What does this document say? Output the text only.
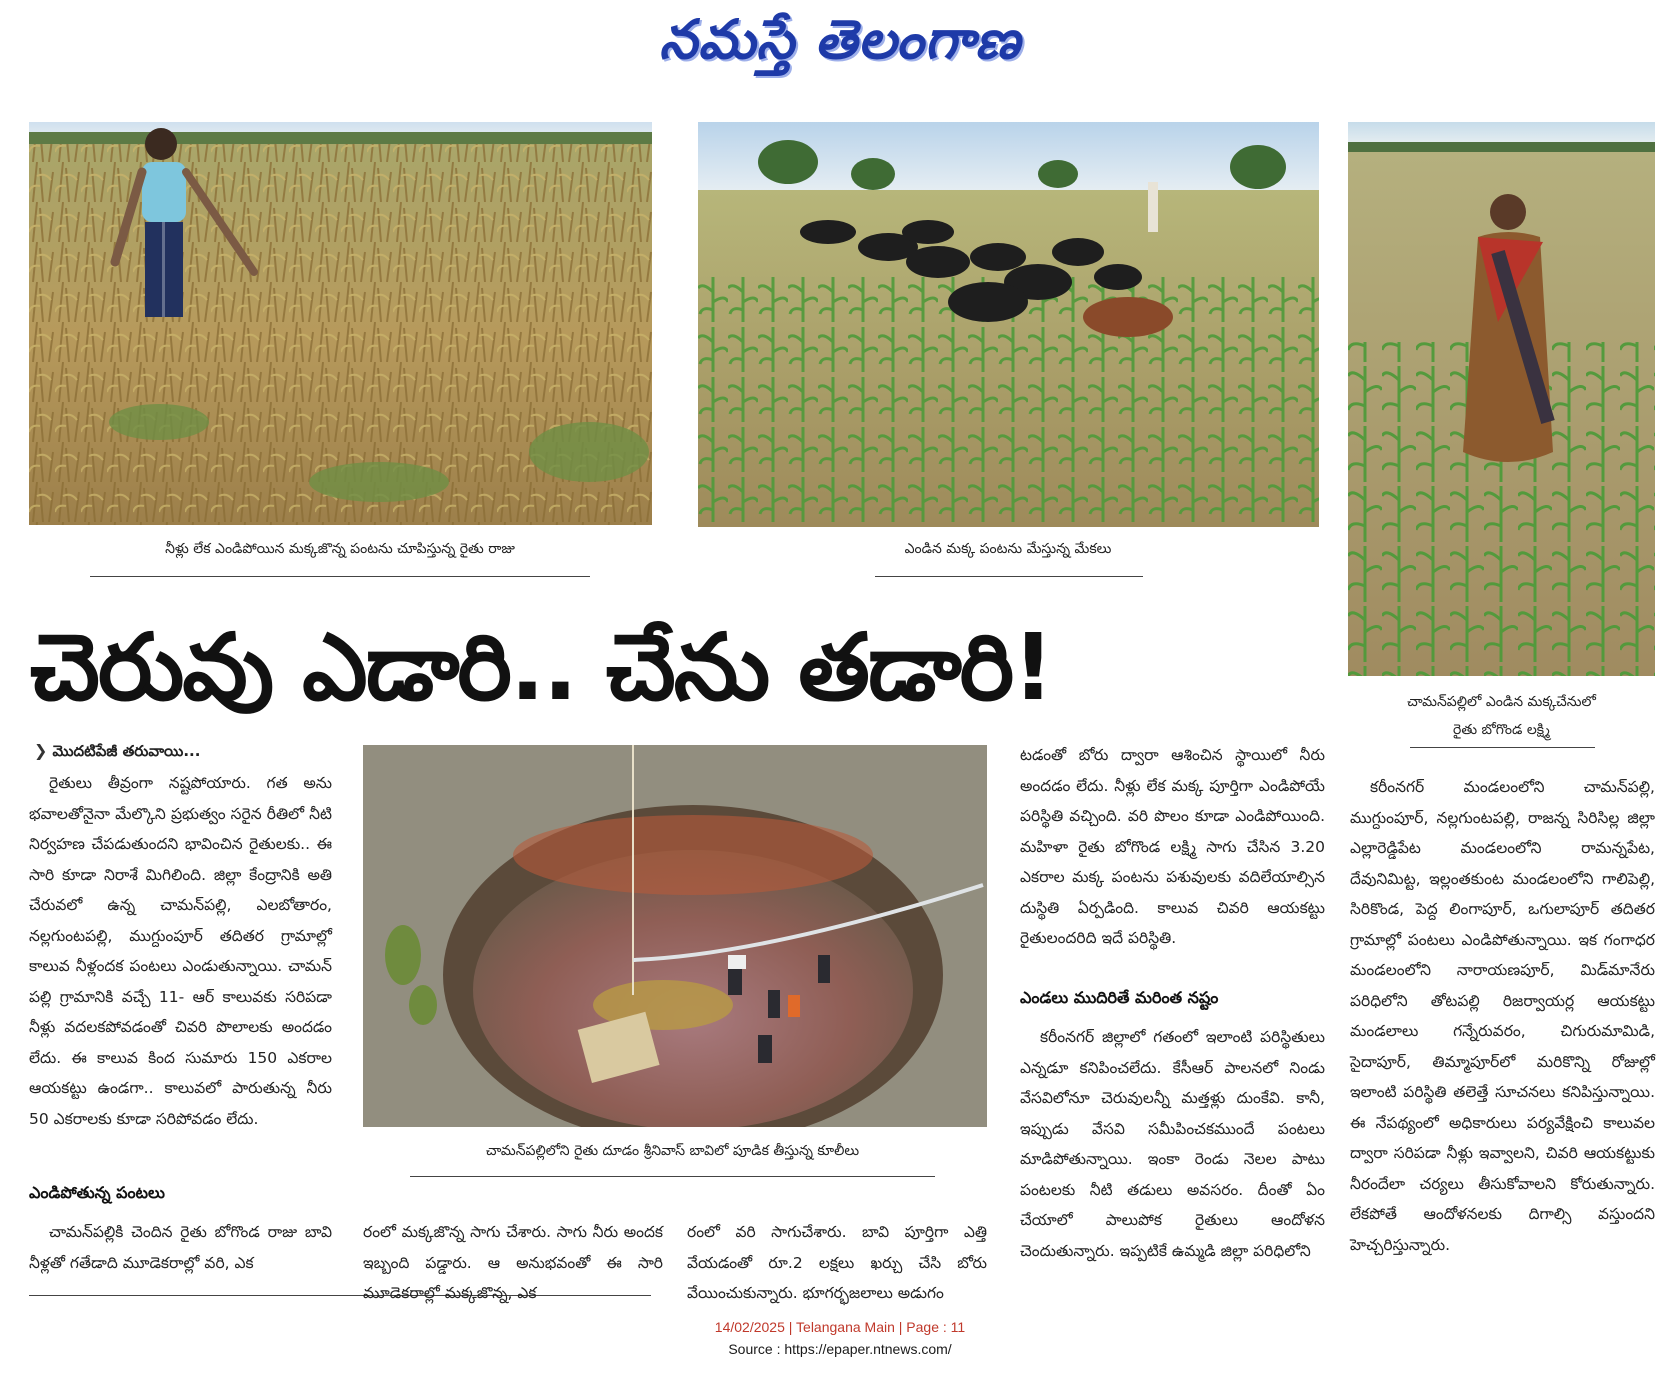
నమస్తే తెలంగాణ
నీళ్లు లేక ఎండిపోయిన మక్కజొన్న పంటను చూపిస్తున్న రైతు రాజు	ఎండిన మక్క పంటను మేస్తున్న మేకలు
చామన్‌పల్లిలో ఎండిన మక్కచేనులో
రైతు బోగొండ లక్ష్మి
చెరువు ఎడారి.. చేను తడారి!
చామన్‌పల్లిలోని రైతు దూడం శ్రీనివాస్ బావిలో పూడిక తీస్తున్న కూలీలు
❯ మొదటిపేజీ తరువాయి...

రైతులు తీవ్రంగా నష్టపోయారు. గత అను భవాలతోనైనా మేల్కొని ప్రభుత్వం సరైన రీతిలో నీటి నిర్వహణ చేపడుతుందని భావించిన రైతులకు.. ఈ సారి కూడా నిరాశే మిగిలింది. జిల్లా కేంద్రానికి అతి చేరువలో ఉన్న చామన్‌పల్లి, ఎలబోతారం, నల్లగుంటపల్లి, ముగ్దుంపూర్ తదితర గ్రామాల్లో కాలువ నీళ్లందక పంటలు ఎండుతున్నాయి. చామన్ పల్లి గ్రామానికి వచ్చే 11- ఆర్ కాలువకు సరిపడా నీళ్లు వదలకపోవడంతో చివరి పొలాలకు అందడం లేదు. ఈ కాలువ కింద సుమారు 150 ఎకరాల ఆయకట్టు ఉండగా.. కాలువలో పారుతున్న నీరు 50 ఎకరాలకు కూడా సరిపోవడం లేదు.

ఎండిపోతున్న పంటలు

చామన్‌పల్లికి చెందిన రైతు బోగొండ రాజు బావి నీళ్లతో గతేడాది మూడెకరాల్లో వరి, ఎక

రంలో మక్కజొన్న సాగు చేశారు. సాగు నీరు అందక ఇబ్బంది పడ్డారు. ఆ అనుభవంతో ఈ సారి మూడెకరాల్లో మక్కజొన్న, ఎక

రంలో వరి సాగుచేశారు. బావి పూర్తిగా ఎత్తి వేయడంతో రూ.2 లక్షలు ఖర్చు చేసి బోరు వేయించుకున్నారు. భూగర్భజలాలు అడుగం

టడంతో బోరు ద్వారా ఆశించిన స్థాయిలో నీరు అందడం లేదు. నీళ్లు లేక మక్క పూర్తిగా ఎండిపోయే పరిస్థితి వచ్చింది. వరి పొలం కూడా ఎండిపోయింది. మహిళా రైతు బోగొండ లక్ష్మి సాగు చేసిన 3.20 ఎకరాల మక్క పంటను పశువులకు వదిలేయాల్సిన దుస్థితి ఏర్పడింది. కాలువ చివరి ఆయకట్టు రైతులందరిది ఇదే పరిస్థితి.

ఎండలు ముదిరితే మరింత నష్టం

కరీంనగర్ జిల్లాలో గతంలో ఇలాంటి పరిస్థితులు ఎన్నడూ కనిపించలేదు. కేసీఆర్ పాలనలో నిండు వేసవిలోనూ చెరువులన్నీ మత్తళ్లు దుంకేవి. కానీ, ఇప్పుడు వేసవి సమీపించకముందే పంటలు మాడిపోతున్నాయి. ఇంకా రెండు నెలల పాటు పంటలకు నీటి తడులు అవసరం. దీంతో ఏం చేయాలో పాలుపోక రైతులు ఆందోళన చెందుతున్నారు. ఇప్పటికే ఉమ్మడి జిల్లా పరిధిలోని

కరీంనగర్ మండలంలోని చామన్‌పల్లి, ముగ్దుంపూర్, నల్లగుంటపల్లి, రాజన్న సిరిసిల్ల జిల్లా ఎల్లారెడ్డిపేట మండలంలోని రామన్నపేట, దేవునిమిట్ట, ఇల్లంతకుంట మండలంలోని గాలిపెల్లి, సిరికొండ, పెద్ద లింగాపూర్, ఒగులాపూర్ తదితర గ్రామాల్లో పంటలు ఎండిపోతున్నాయి. ఇక గంగాధర మండలంలోని నారాయణపూర్, మిడ్‌మానేరు పరిధిలోని తోటపల్లి రిజర్వాయర్ల ఆయకట్టు మండలాలు గన్నేరువరం, చిగురుమామిడి, సైదాపూర్, తిమ్మాపూర్‌లో మరికొన్ని రోజుల్లో ఇలాంటి పరిస్థితి తలెత్తే సూచనలు కనిపిస్తున్నాయి. ఈ నేపథ్యంలో అధికారులు పర్యవేక్షించి కాలువల ద్వారా సరిపడా నీళ్లు ఇవ్వాలని, చివరి ఆయకట్టుకు నీరందేలా చర్యలు తీసుకోవాలని కోరుతున్నారు. లేకపోతే ఆందోళనలకు దిగాల్సి వస్తుందని హెచ్చరిస్తున్నారు.

14/02/2025 | Telangana Main | Page : 11
Source : https://epaper.ntnews.com/
